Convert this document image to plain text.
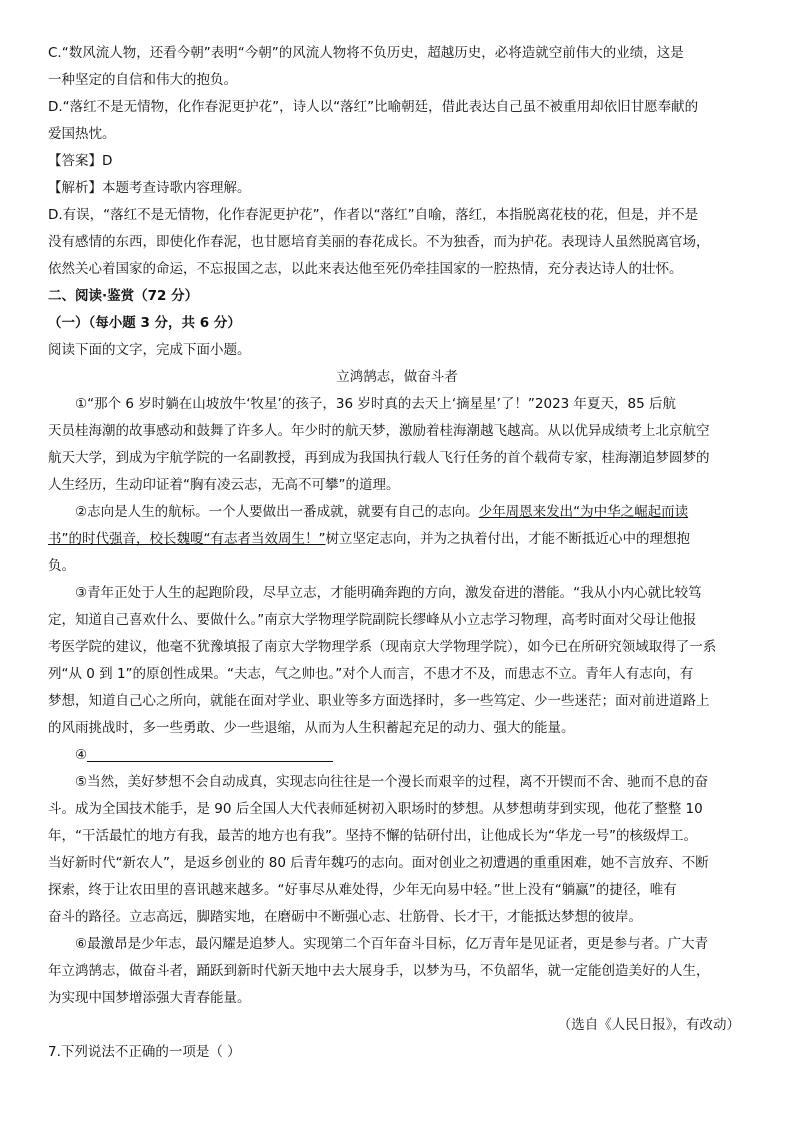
C.“数风流人物，还看今朝”表明“今朝”的风流人物将不负历史，超越历史，必将造就空前伟大的业绩，这是

一种坚定的自信和伟大的抱负。

D.“落红不是无情物，化作春泥更护花”，诗人以“落红”比喻朝廷，借此表达自己虽不被重用却依旧甘愿奉献的

爱国热忱。

【答案】D

【解析】本题考查诗歌内容理解。

D.有误，“落红不是无情物，化作春泥更护花”，作者以“落红”自喻，落红，本指脱离花枝的花，但是，并不是

没有感情的东西，即使化作春泥，也甘愿培育美丽的春花成长。不为独香，而为护花。表现诗人虽然脱离官场，

依然关心着国家的命运，不忘报国之志，以此来表达他至死仍牵挂国家的一腔热情，充分表达诗人的壮怀。

二、阅读·鉴赏（72 分）

（一）（每小题 3 分，共 6 分）

阅读下面的文字，完成下面小题。

立鸿鹄志，做奋斗者

①“那个 6 岁时躺在山坡放牛‘牧星’的孩子，36 岁时真的去天上‘摘星星’了！”2023 年夏天，85 后航

天员桂海潮的故事感动和鼓舞了许多人。年少时的航天梦，激励着桂海潮越飞越高。从以优异成绩考上北京航空

航天大学，到成为宇航学院的一名副教授，再到成为我国执行载人飞行任务的首个载荷专家，桂海潮追梦圆梦的

人生经历，生动印证着“胸有凌云志，无高不可攀”的道理。

②志向是人生的航标。一个人要做出一番成就，就要有自己的志向。少年周恩来发出“为中华之崛起而读

书”的时代强音，校长魏嗄“有志者当效周生！”树立坚定志向，并为之执着付出，才能不断抵近心中的理想抱

负。

③青年正处于人生的起跑阶段，尽早立志，才能明确奔跑的方向，激发奋进的潜能。“我从小内心就比较笃

定，知道自己喜欢什么、要做什么。”南京大学物理学院副院长缪峰从小立志学习物理，高考时面对父母让他报

考医学院的建议，他毫不犹豫填报了南京大学物理学系（现南京大学物理学院），如今已在所研究领域取得了一系

列“从 0 到 1”的原创性成果。“夫志，气之帅也。”对个人而言，不患才不及，而患志不立。青年人有志向，有

梦想，知道自己心之所向，就能在面对学业、职业等多方面选择时，多一些笃定、少一些迷茫；面对前进道路上

的风雨挑战时，多一些勇敢、少一些退缩，从而为人生积蓄起充足的动力、强大的能量。

④

⑤当然，美好梦想不会自动成真，实现志向往往是一个漫长而艰辛的过程，离不开锲而不舍、驰而不息的奋

斗。成为全国技术能手，是 90 后全国人大代表师延树初入职场时的梦想。从梦想萌芽到实现，他花了整整 10

年，“干活最忙的地方有我，最苦的地方也有我”。坚持不懈的钻研付出，让他成长为“华龙一号”的核级焊工。

当好新时代“新农人”，是返乡创业的 80 后青年魏巧的志向。面对创业之初遭遇的重重困难，她不言放弃、不断

探索，终于让农田里的喜讯越来越多。“好事尽从难处得，少年无向易中轻。”世上没有“躺赢”的捷径，唯有

奋斗的路径。立志高远，脚踏实地，在磨砺中不断强心志、壮筋骨、长才干，才能抵达梦想的彼岸。

⑥最激昂是少年志，最闪耀是追梦人。实现第二个百年奋斗目标，亿万青年是见证者，更是参与者。广大青

年立鸿鹄志，做奋斗者，踊跃到新时代新天地中去大展身手，以梦为马，不负韶华，就一定能创造美好的人生，

为实现中国梦增添强大青春能量。

（选自《人民日报》，有改动）

7.下列说法不正确的一项是（ ）
